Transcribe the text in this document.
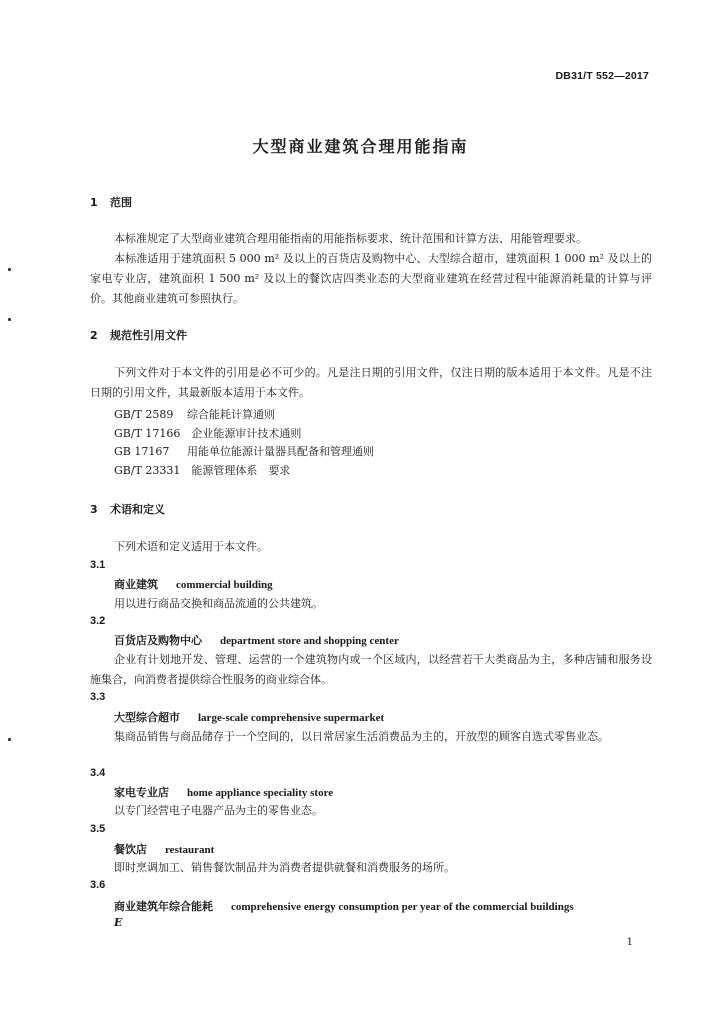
DB31/T 552—2017
大型商业建筑合理用能指南
1 范围
本标准规定了大型商业建筑合理用能指南的用能指标要求、统计范围和计算方法、用能管理要求。
本标准适用于建筑面积 5 000 m² 及以上的百货店及购物中心、大型综合超市，建筑面积 1 000 m² 及以上的家电专业店，建筑面积 1 500 m² 及以上的餐饮店四类业态的大型商业建筑在经营过程中能源消耗量的计算与评价。其他商业建筑可参照执行。
2 规范性引用文件
下列文件对于本文件的引用是必不可少的。凡是注日期的引用文件，仅注日期的版本适用于本文件。凡是不注日期的引用文件，其最新版本适用于本文件。
GB/T 2589　 综合能耗计算通则
GB/T 17166　 企业能源审计技术通则
GB 17167　 用能单位能源计量器具配备和管理通则
GB/T 23331　 能源管理体系　要求
3 术语和定义
下列术语和定义适用于本文件。
3.1
商业建筑 commercial building
用以进行商品交换和商品流通的公共建筑。
3.2
百货店及购物中心 department store and shopping center
企业有计划地开发、管理、运营的一个建筑物内或一个区域内，以经营若干大类商品为主，多种店铺和服务设施集合，向消费者提供综合性服务的商业综合体。
3.3
大型综合超市 large-scale comprehensive supermarket
集商品销售与商品储存于一个空间的，以日常居家生活消费品为主的，开放型的顾客自选式零售业态。
3.4
家电专业店 home appliance speciality store
以专门经营电子电器产品为主的零售业态。
3.5
餐饮店 restaurant
即时烹调加工、销售餐饮制品并为消费者提供就餐和消费服务的场所。
3.6
商业建筑年综合能耗 comprehensive energy consumption per year of the commercial buildings
E
1
